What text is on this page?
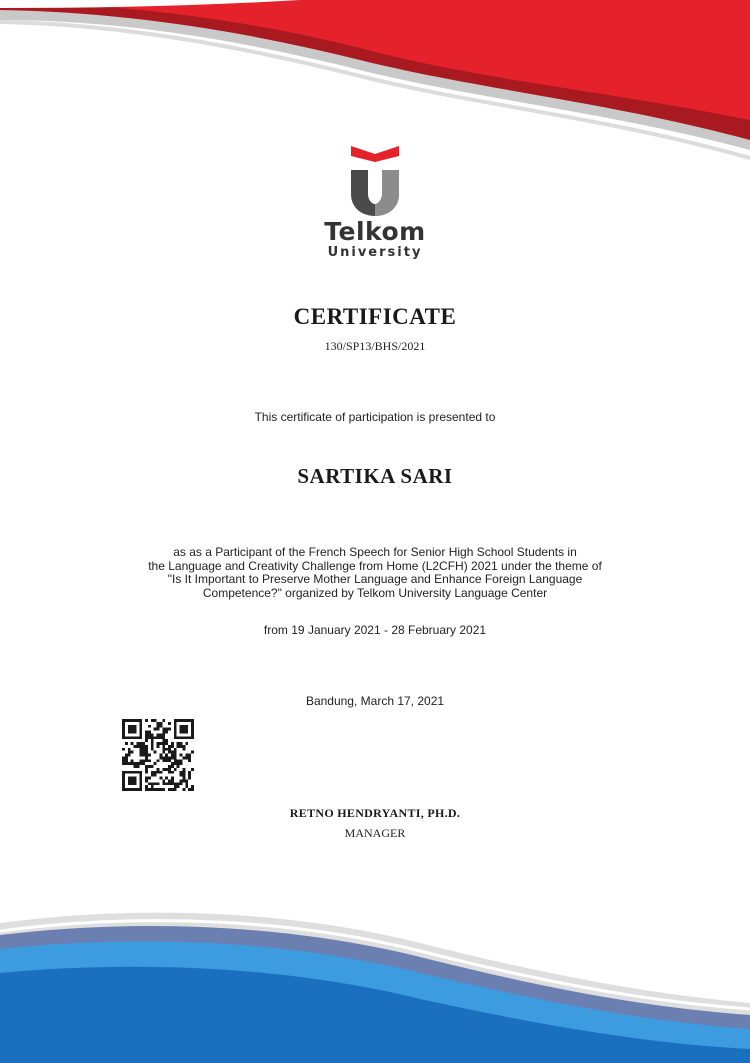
Telkom
University
CERTIFICATE
130/SP13/BHS/2021
This certificate of participation is presented to
SARTIKA SARI
as as a Participant of the French Speech for Senior High School Students in
the Language and Creativity Challenge from Home (L2CFH) 2021 under the theme of
"Is It Important to Preserve Mother Language and Enhance Foreign Language
Competence?" organized by Telkom University Language Center
from 19 January 2021 - 28 February 2021
Bandung, March 17, 2021
RETNO HENDRYANTI, PH.D.
MANAGER
